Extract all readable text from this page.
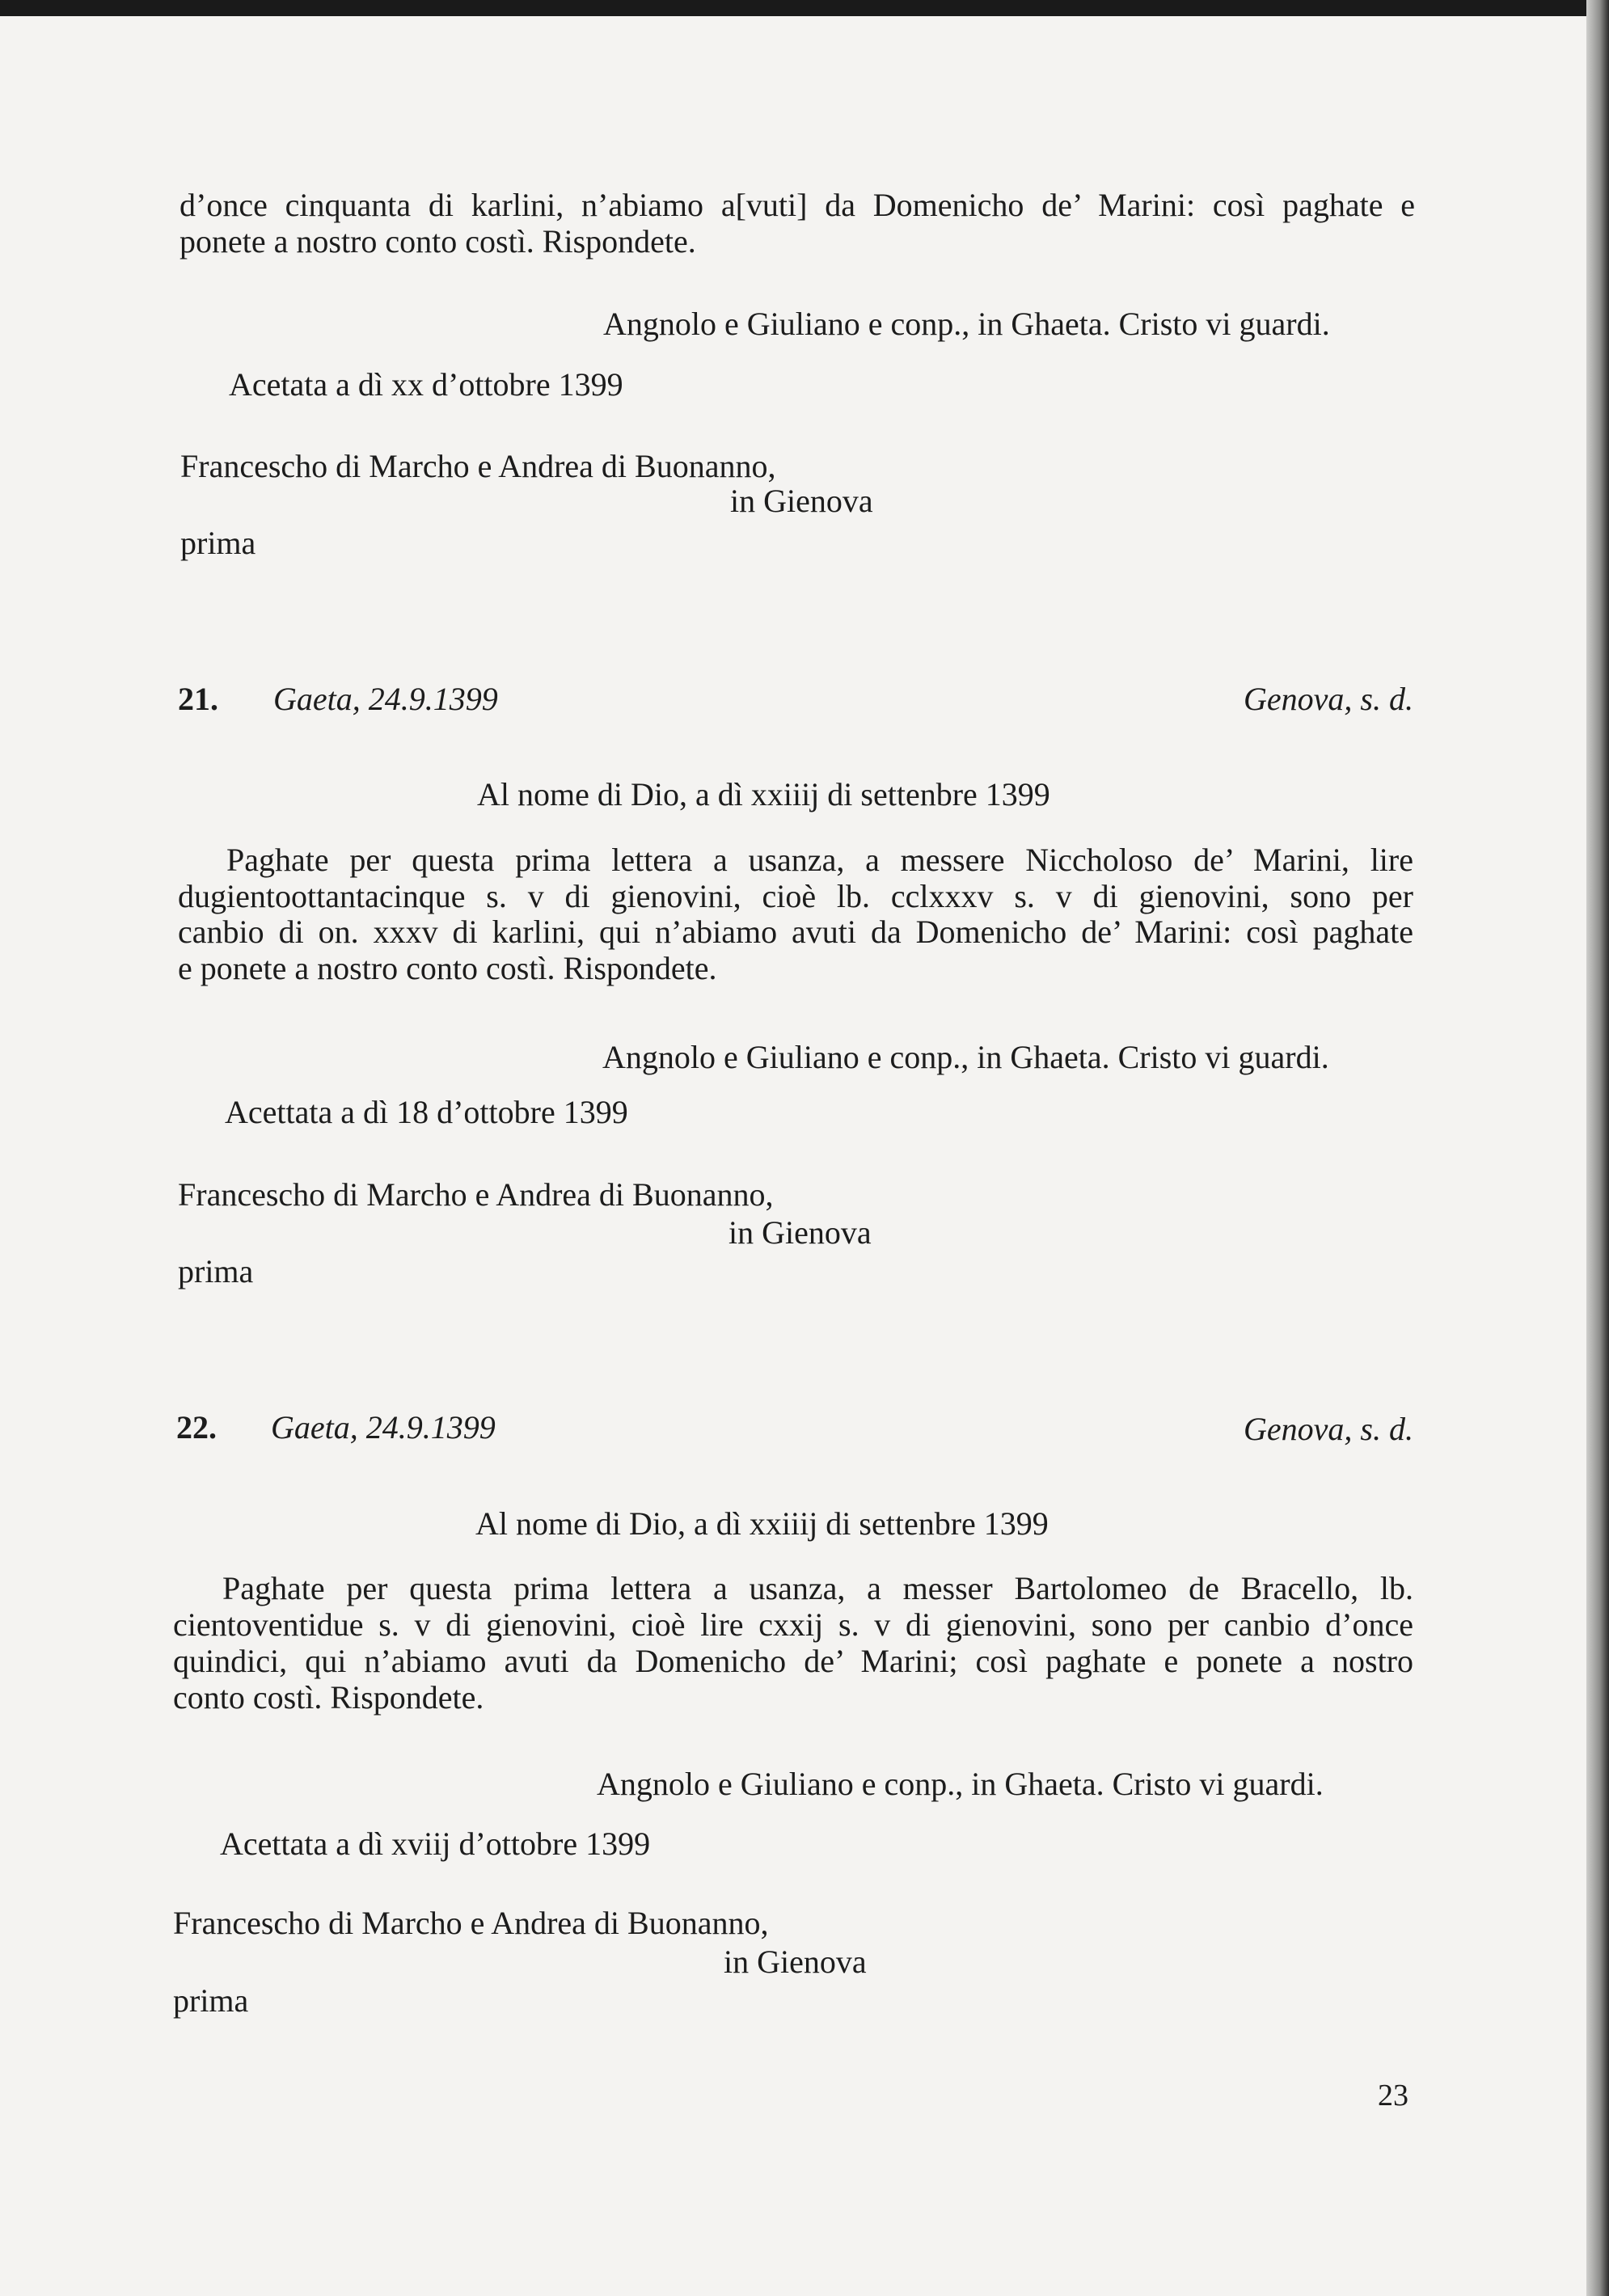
d’once cinquanta di karlini, n’abiamo a[vuti] da Domenicho de’ Marini: così paghate e
ponete a nostro conto costì. Rispondete.
Angnolo e Giuliano e conp., in Ghaeta. Cristo vi guardi.
Acetata a dì xx d’ottobre 1399
Francescho di Marcho e Andrea di Buonanno,
in Gienova
prima
21. Gaeta, 24.9.1399	Genova, s. d.
Al nome di Dio, a dì xxiiij di settenbre 1399
Paghate per questa prima lettera a usanza, a messere Niccholoso de’ Marini, lire
dugientoottantacinque s. v di gienovini, cioè lb. cclxxxv s. v di gienovini, sono per
canbio di on. xxxv di karlini, qui n’abiamo avuti da Domenicho de’ Marini: così paghate
e ponete a nostro conto costì. Rispondete.
Angnolo e Giuliano e conp., in Ghaeta. Cristo vi guardi.
Acettata a dì 18 d’ottobre 1399
Francescho di Marcho e Andrea di Buonanno,
in Gienova
prima
22. Gaeta, 24.9.1399	Genova, s. d.
Al nome di Dio, a dì xxiiij di settenbre 1399
Paghate per questa prima lettera a usanza, a messer Bartolomeo de Bracello, lb.
cientoventidue s. v di gienovini, cioè lire cxxij s. v di gienovini, sono per canbio d’once
quindici, qui n’abiamo avuti da Domenicho de’ Marini; così paghate e ponete a nostro
conto costì. Rispondete.
Angnolo e Giuliano e conp., in Ghaeta. Cristo vi guardi.
Acettata a dì xviij d’ottobre 1399
Francescho di Marcho e Andrea di Buonanno,
in Gienova
prima
23
